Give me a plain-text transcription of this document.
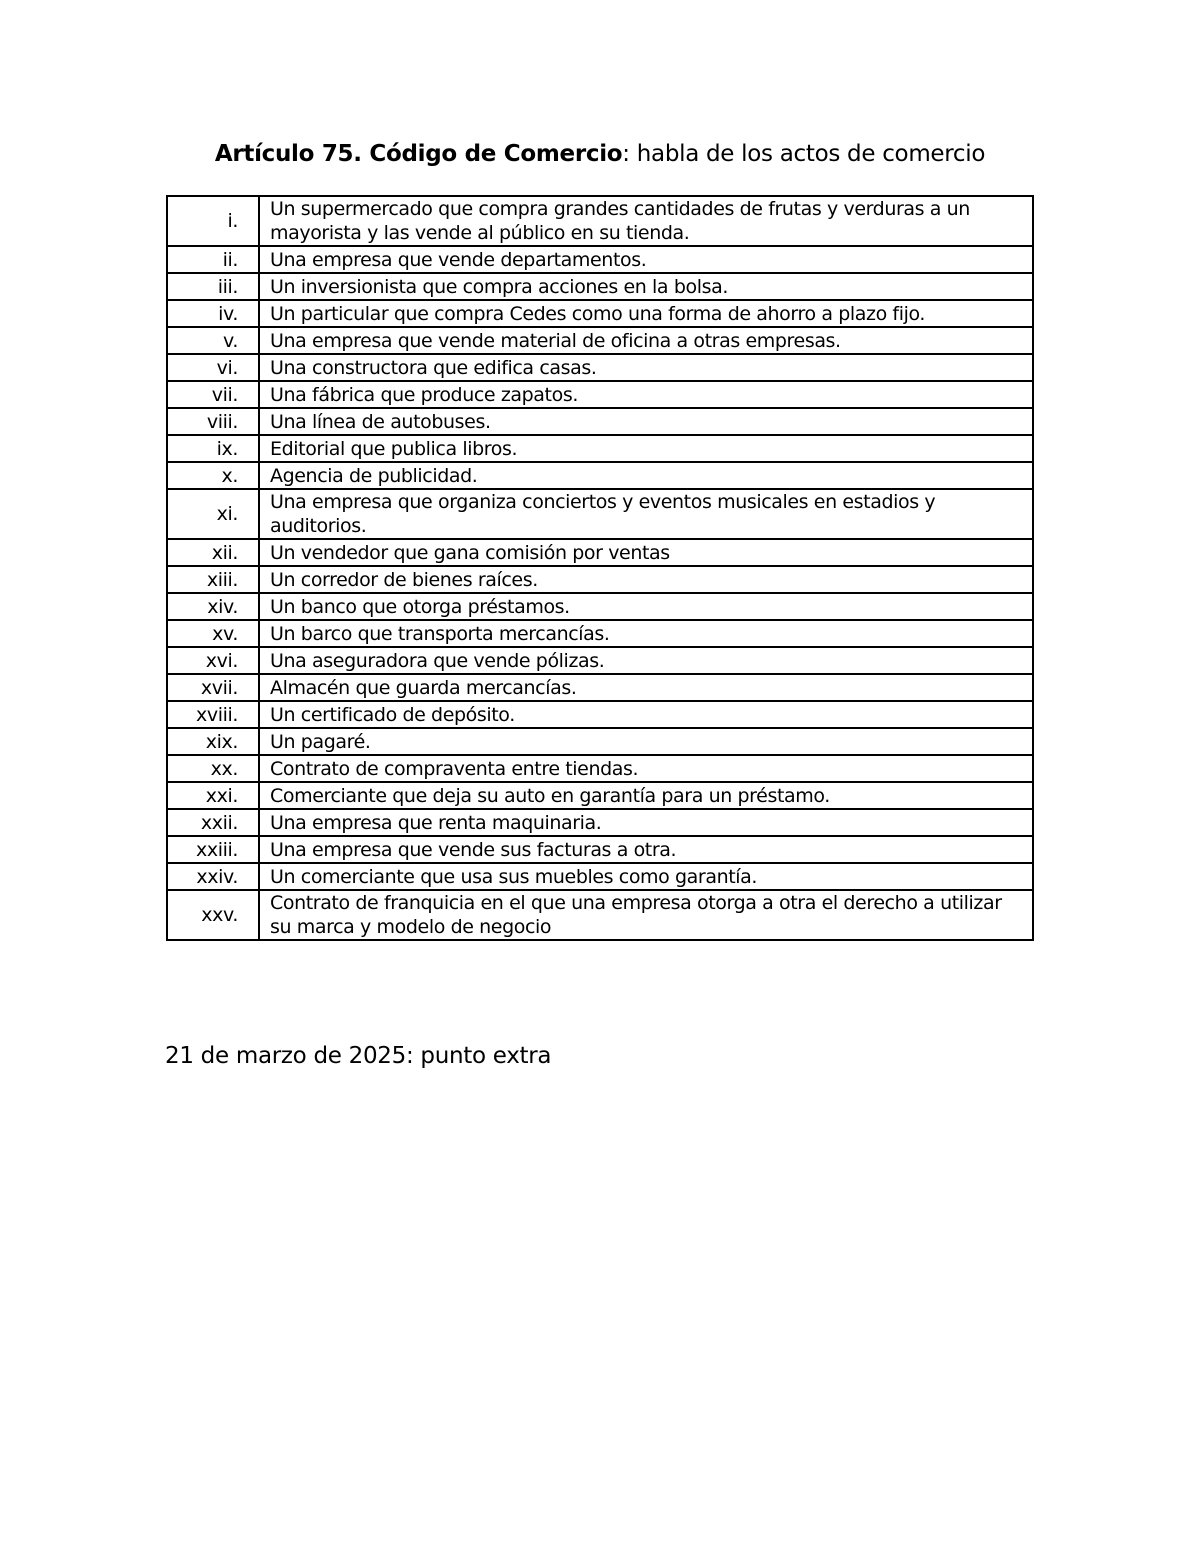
Artículo 75. Código de Comercio: habla de los actos de comercio
i.	Un supermercado que compra grandes cantidades de frutas y verduras a un mayorista y las vende al público en su tienda.
ii.	Una empresa que vende departamentos.
iii.	Un inversionista que compra acciones en la bolsa.
iv.	Un particular que compra Cedes como una forma de ahorro a plazo fijo.
v.	Una empresa que vende material de oficina a otras empresas.
vi.	Una constructora que edifica casas.
vii.	Una fábrica que produce zapatos.
viii.	Una línea de autobuses.
ix.	Editorial que publica libros.
x.	Agencia de publicidad.
xi.	Una empresa que organiza conciertos y eventos musicales en estadios y auditorios.
xii.	Un vendedor que gana comisión por ventas
xiii.	Un corredor de bienes raíces.
xiv.	Un banco que otorga préstamos.
xv.	Un barco que transporta mercancías.
xvi.	Una aseguradora que vende pólizas.
xvii.	Almacén que guarda mercancías.
xviii.	Un certificado de depósito.
xix.	Un pagaré.
xx.	Contrato de compraventa entre tiendas.
xxi.	Comerciante que deja su auto en garantía para un préstamo.
xxii.	Una empresa que renta maquinaria.
xxiii.	Una empresa que vende sus facturas a otra.
xxiv.	Un comerciante que usa sus muebles como garantía.
xxv.	Contrato de franquicia en el que una empresa otorga a otra el derecho a utilizar su marca y modelo de negocio
21 de marzo de 2025: punto extra
